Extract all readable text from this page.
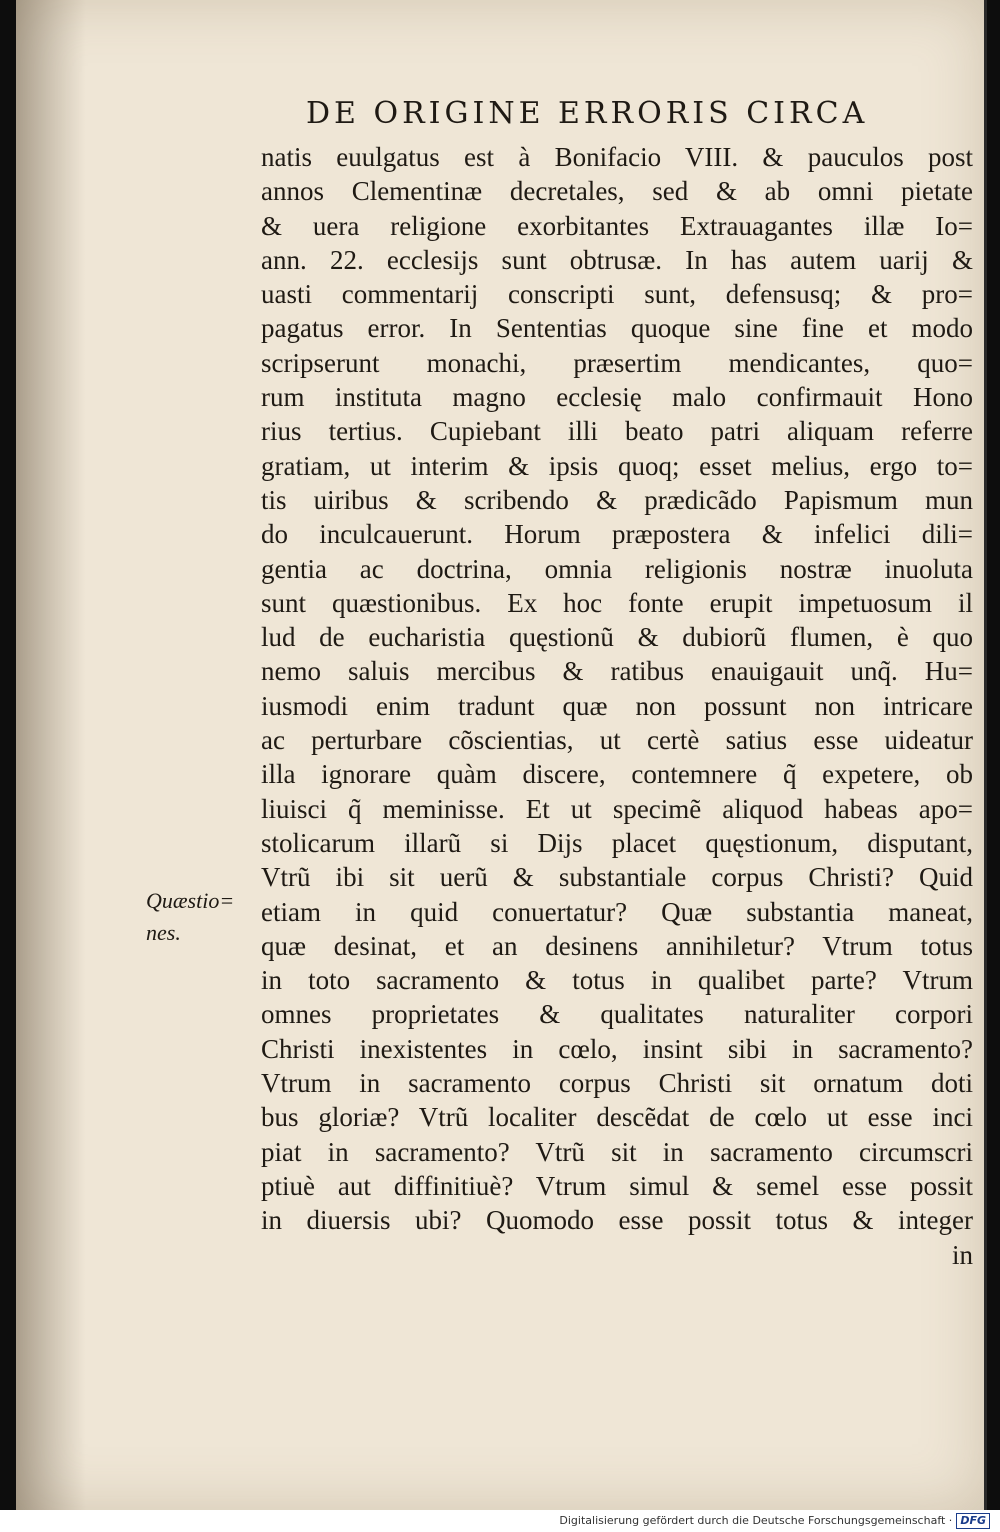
DE ORIGINE ERRORIS CIRCA
natis euulgatus est à Bonifacio VIII. & pauculos post
annos Clementinæ decretales, sed & ab omni pietate
& uera religione exorbitantes Extrauagantes illæ Io=
ann. 22. ecclesijs sunt obtrusæ. In has autem uarij &
uasti commentarij conscripti sunt, defensusq; & pro=
pagatus error. In Sententias quoque sine fine et modo
scripserunt monachi, præsertim mendicantes, quo=
rum instituta magno ecclesię malo confirmauit Hono
rius tertius. Cupiebant illi beato patri aliquam referre
gratiam, ut interim & ipsis quoq; esset melius, ergo to=
tis uiribus & scribendo & prædicãdo Papismum mun
do inculcauerunt. Horum præpostera & infelici dili=
gentia ac doctrina, omnia religionis nostræ inuoluta
sunt quæstionibus. Ex hoc fonte erupit impetuosum il
lud de eucharistia quęstionũ & dubiorũ flumen, è quo
nemo saluis mercibus & ratibus enauigauit unq̃. Hu=
iusmodi enim tradunt quæ non possunt non intricare
ac perturbare cõscientias, ut certè satius esse uideatur
illa ignorare quàm discere, contemnere q̃ expetere, ob
liuisci q̃ meminisse. Et ut specimẽ aliquod habeas apo=
stolicarum illarũ si Dijs placet quęstionum, disputant,
Vtrũ ibi sit uerũ & substantiale corpus Christi? Quid
etiam in quid conuertatur? Quæ substantia maneat,
quæ desinat, et an desinens annihiletur? Vtrum totus
in toto sacramento & totus in qualibet parte? Vtrum
omnes proprietates & qualitates naturaliter corpori
Christi inexistentes in cœlo, insint sibi in sacramento?
Vtrum in sacramento corpus Christi sit ornatum doti
bus gloriæ? Vtrũ localiter descẽdat de cœlo ut esse inci
piat in sacramento? Vtrũ sit in sacramento circumscri
ptiuè aut diffinitiuè? Vtrum simul & semel esse possit
in diuersis ubi? Quomodo esse possit totus & integer
in
Quæstio=
nes.
Digitalisierung gefördert durch die Deutsche Forschungsgemeinschaft · DFG
